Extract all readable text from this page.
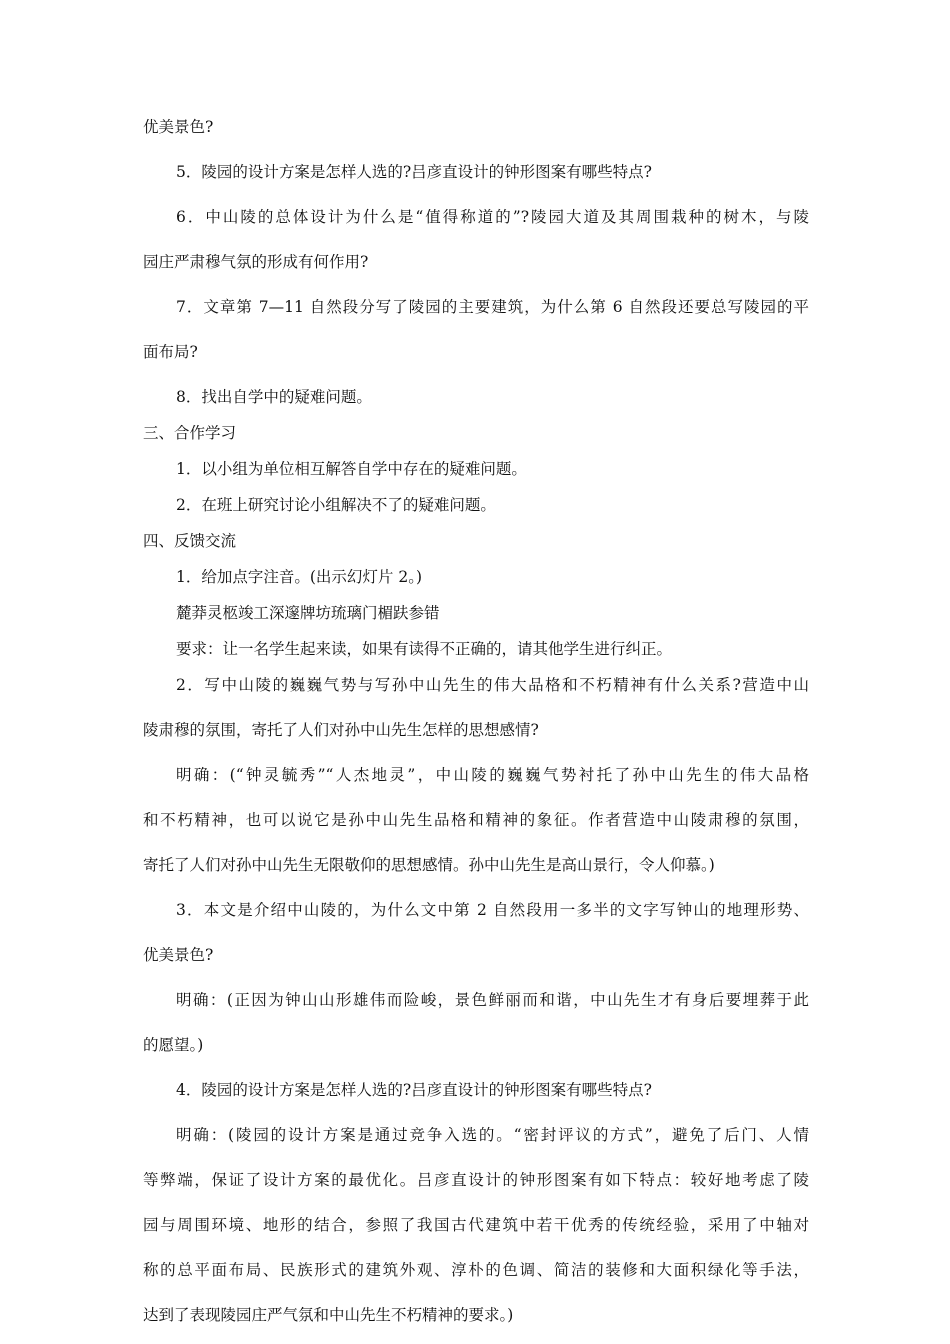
优美景色?
5．陵园的设计方案是怎样人选的?吕彦直设计的钟形图案有哪些特点?
6．中山陵的总体设计为什么是“值得称道的”?陵园大道及其周围栽种的树木，与陵
园庄严肃穆气氛的形成有何作用?
7．文章第 7—11 自然段分写了陵园的主要建筑，为什么第 6 自然段还要总写陵园的平
面布局?
8．找出自学中的疑难问题。
三、合作学习
1．以小组为单位相互解答自学中存在的疑难问题。
2．在班上研究讨论小组解决不了的疑难问题。
四、反馈交流
1．给加点字注音。(出示幻灯片 2。)
麓莽灵柩竣工深邃牌坊琉璃门楣趺参错
要求：让一名学生起来读，如果有读得不正确的，请其他学生进行纠正。
2．写中山陵的巍巍气势与写孙中山先生的伟大品格和不朽精神有什么关系?营造中山
陵肃穆的氛围，寄托了人们对孙中山先生怎样的思想感情?
明确：(“钟灵毓秀”“人杰地灵”，中山陵的巍巍气势衬托了孙中山先生的伟大品格
和不朽精神，也可以说它是孙中山先生品格和精神的象征。作者营造中山陵肃穆的氛围，
寄托了人们对孙中山先生无限敬仰的思想感情。孙中山先生是高山景行，令人仰慕。)
3．本文是介绍中山陵的，为什么文中第 2 自然段用一多半的文字写钟山的地理形势、
优美景色?
明确：(正因为钟山山形雄伟而险峻，景色鲜丽而和谐，中山先生才有身后要埋葬于此
的愿望。)
4．陵园的设计方案是怎样人选的?吕彦直设计的钟形图案有哪些特点?
明确：(陵园的设计方案是通过竞争入选的。“密封评议的方式”，避免了后门、人情
等弊端，保证了设计方案的最优化。吕彦直设计的钟形图案有如下特点：较好地考虑了陵
园与周围环境、地形的结合，参照了我国古代建筑中若干优秀的传统经验，采用了中轴对
称的总平面布局、民族形式的建筑外观、淳朴的色调、简洁的装修和大面积绿化等手法，
达到了表现陵园庄严气氛和中山先生不朽精神的要求。)
